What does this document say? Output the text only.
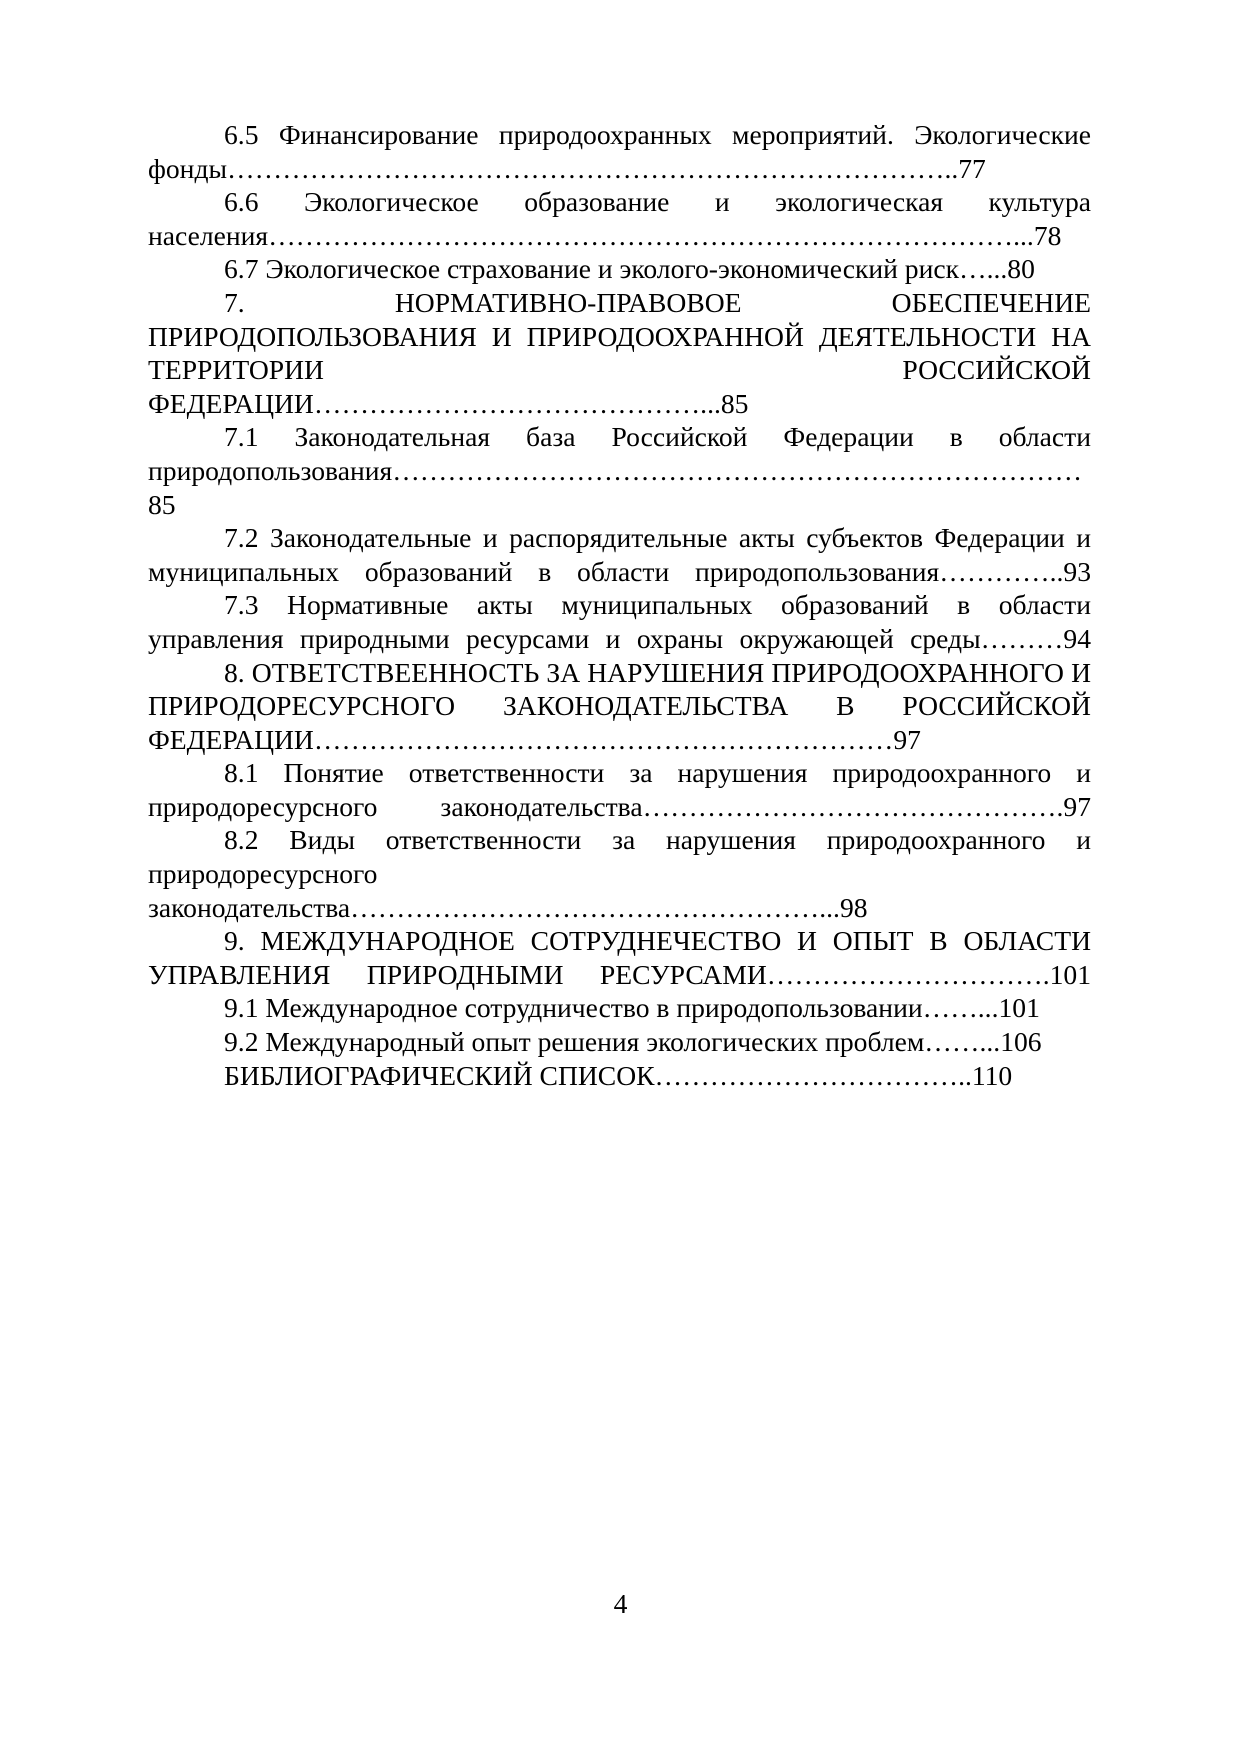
6.5 Финансирование природоохранных мероприятий. Экологические фонды……………………………………………………………………..77
6.6 Экологическое образование и экологическая культура населения………………………………………………………………………...78
6.7 Экологическое страхование и эколого-экономический риск…...80
7. НОРМАТИВНО-ПРАВОВОЕ ОБЕСПЕЧЕНИЕ ПРИРОДОПОЛЬЗОВАНИЯ И ПРИРОДООХРАННОЙ ДЕЯТЕЛЬНОСТИ НА ТЕРРИТОРИИ РОССИЙСКОЙ ФЕДЕРАЦИИ……………………………………...85
7.1 Законодательная база Российской Федерации в области природопользования…………………………………………………………………85
7.2 Законодательные и распорядительные акты субъектов Федерации и муниципальных образований в области природопользования…………..93
7.3 Нормативные акты муниципальных образований в области управления природными ресурсами и охраны окружающей среды………94
8. ОТВЕТСТВЕЕННОСТЬ ЗА НАРУШЕНИЯ ПРИРОДООХРАННОГО И ПРИРОДОРЕСУРСНОГО ЗАКОНОДАТЕЛЬСТВА В РОССИЙСКОЙ ФЕДЕРАЦИИ………………………………………………………97
8.1 Понятие ответственности за нарушения природоохранного и природоресурсного законодательства……………………………………….97
8.2 Виды ответственности за нарушения природоохранного и природоресурсного законодательства……………………………………………...98
9. МЕЖДУНАРОДНОЕ СОТРУДНЕЧЕСТВО И ОПЫТ В ОБЛАСТИ УПРАВЛЕНИЯ ПРИРОДНЫМИ РЕСУРСАМИ………………………….101
9.1 Международное сотрудничество в природопользовании……...101
9.2 Международный опыт решения экологических проблем……...106
БИБЛИОГРАФИЧЕСКИЙ СПИСОК……………………………..110
4
